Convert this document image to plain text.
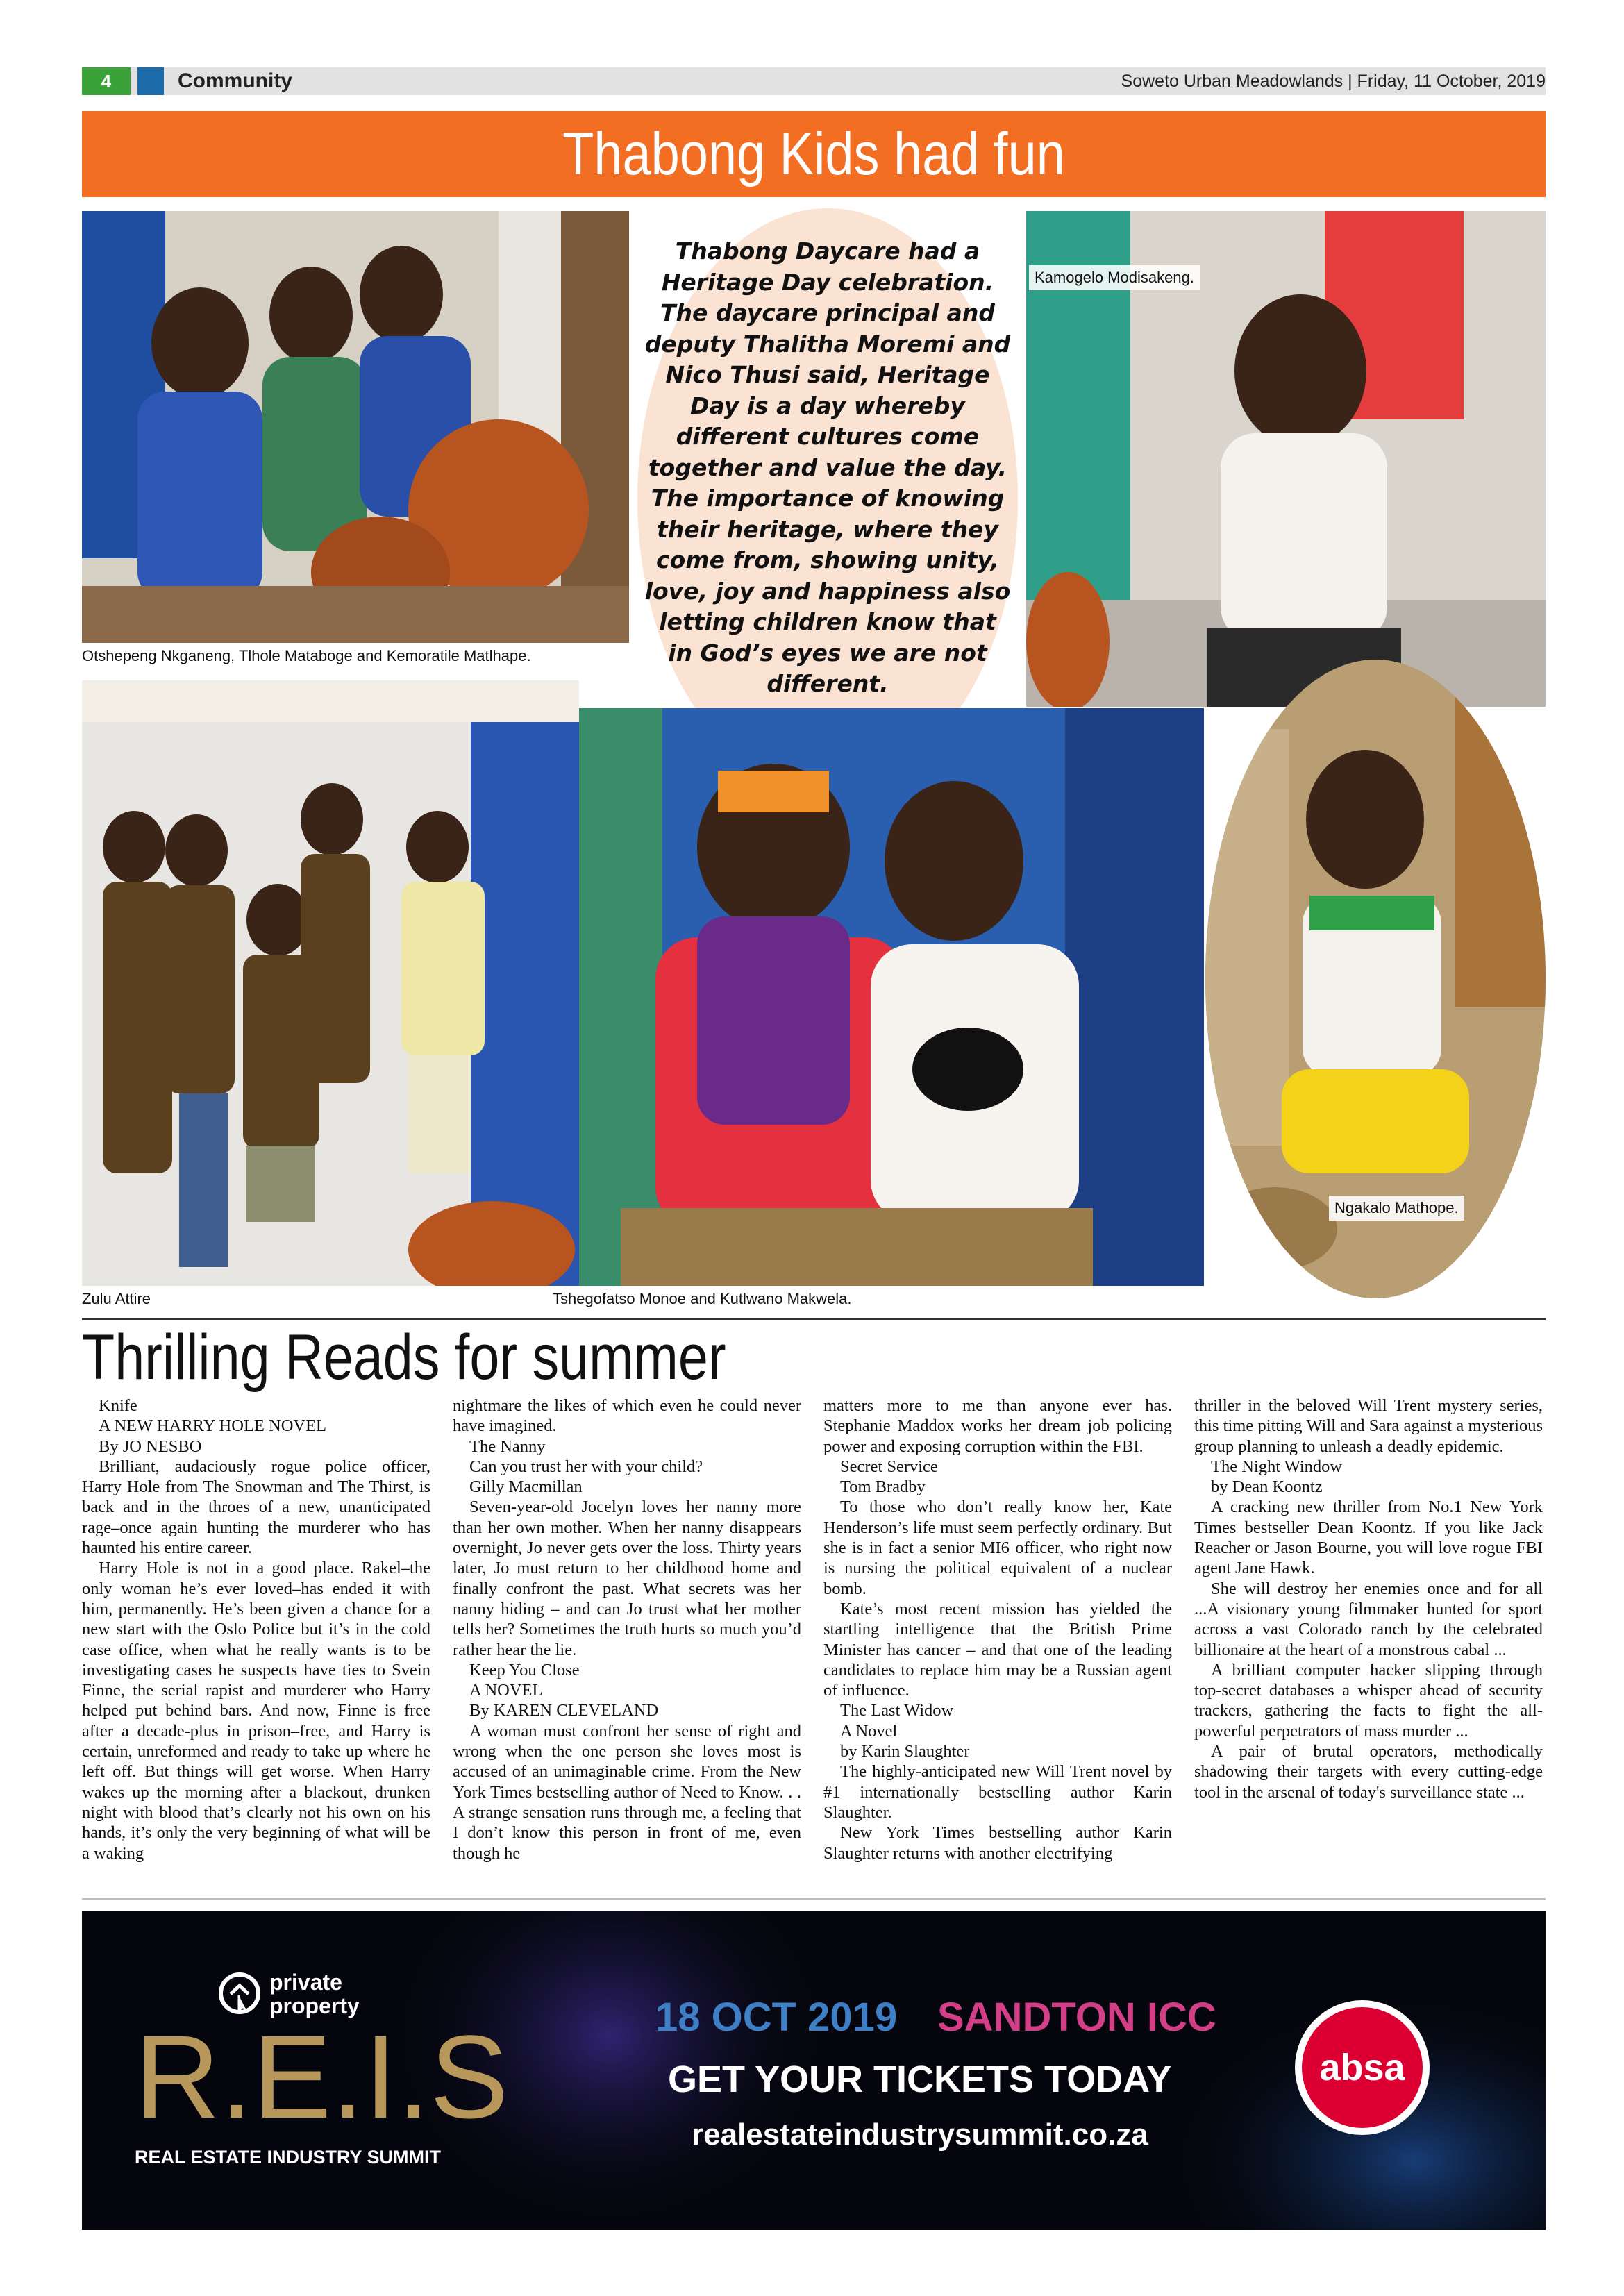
4	Community	Soweto Urban Meadowlands | Friday, 11 October, 2019
Thabong Kids had fun
Otshepeng Nkganeng, Tlhole Mataboge and Kemoratile Matlhape.

Thabong Daycare had a Heritage Day celebration. The daycare principal and deputy Thalitha Moremi and Nico Thusi said, Heritage Day is a day whereby different cultures come together and value the day.

The importance of knowing their heritage, where they come from, showing unity, love, joy and happiness also letting children know that in God’s eyes we are not different.

Kamogelo Modisakeng.
Zulu Attire	Tshegofatso Monoe and Kutlwano Makwela.
Ngakalo Mathope.
Thrilling Reads for summer

Knife

A NEW HARRY HOLE NOVEL

By JO NESBO

Brilliant, audaciously rogue police officer, Harry Hole from The Snowman and The Thirst, is back and in the throes of a new, unanticipated rage–once again hunting the murderer who has haunted his entire career.

Harry Hole is not in a good place. Rakel–the only woman he’s ever loved–has ended it with him, permanently. He’s been given a chance for a new start with the Oslo Police but it’s in the cold case office, when what he really wants is to be investigating cases he suspects have ties to Svein Finne, the serial rapist and murderer who Harry helped put behind bars. And now, Finne is free after a decade-plus in prison–free, and Harry is certain, unreformed and ready to take up where he left off. But things will get worse. When Harry wakes up the morning after a blackout, drunken night with blood that’s clearly not his own on his hands, it’s only the very beginning of what will be a waking

nightmare the likes of which even he could never have imagined.

The Nanny

Can you trust her with your child?

Gilly Macmillan

Seven-year-old Jocelyn loves her nanny more than her own mother. When her nanny disappears overnight, Jo never gets over the loss. Thirty years later, Jo must return to her childhood home and finally confront the past. What secrets was her nanny hiding – and can Jo trust what her mother tells her? Sometimes the truth hurts so much you’d rather hear the lie.

Keep You Close

A NOVEL

By KAREN CLEVELAND

A woman must confront her sense of right and wrong when the one person she loves most is accused of an unimaginable crime. From the New York Times bestselling author of Need to Know. . . A strange sensation runs through me, a feeling that I don’t know this person in front of me, even though he

matters more to me than anyone ever has. Stephanie Maddox works her dream job policing power and exposing corruption within the FBI.

Secret Service

Tom Bradby

To those who don’t really know her, Kate Henderson’s life must seem perfectly ordinary. But she is in fact a senior MI6 officer, who right now is nursing the political equivalent of a nuclear bomb.

Kate’s most recent mission has yielded the startling intelligence that the British Prime Minister has cancer – and that one of the leading candidates to replace him may be a Russian agent of influence.

The Last Widow

A Novel

by Karin Slaughter

The highly-anticipated new Will Trent novel by #1 internationally bestselling author Karin Slaughter.

New York Times bestselling author Karin Slaughter returns with another electrifying

thriller in the beloved Will Trent mystery series, this time pitting Will and Sara against a mysterious group planning to unleash a deadly epidemic.

The Night Window

by Dean Koontz

A cracking new thriller from No.1 New York Times bestseller Dean Koontz. If you like Jack Reacher or Jason Bourne, you will love rogue FBI agent Jane Hawk.

She will destroy her enemies once and for all ...A visionary young filmmaker hunted for sport across a vast Colorado ranch by the celebrated billionaire at the heart of a monstrous cabal ...

A brilliant computer hacker slipping through top-secret databases a whisper ahead of security trackers, gathering the facts to fight the all-powerful perpetrators of mass murder ...

A pair of brutal operators, methodically shadowing their targets with every cutting-edge tool in the arsenal of today's surveillance state ...

private
property
R.E.I.S
REAL ESTATE INDUSTRY SUMMIT
18 OCT 2019 SANDTON ICC
GET YOUR TICKETS TODAY
realestateindustrysummit.co.za
absa
